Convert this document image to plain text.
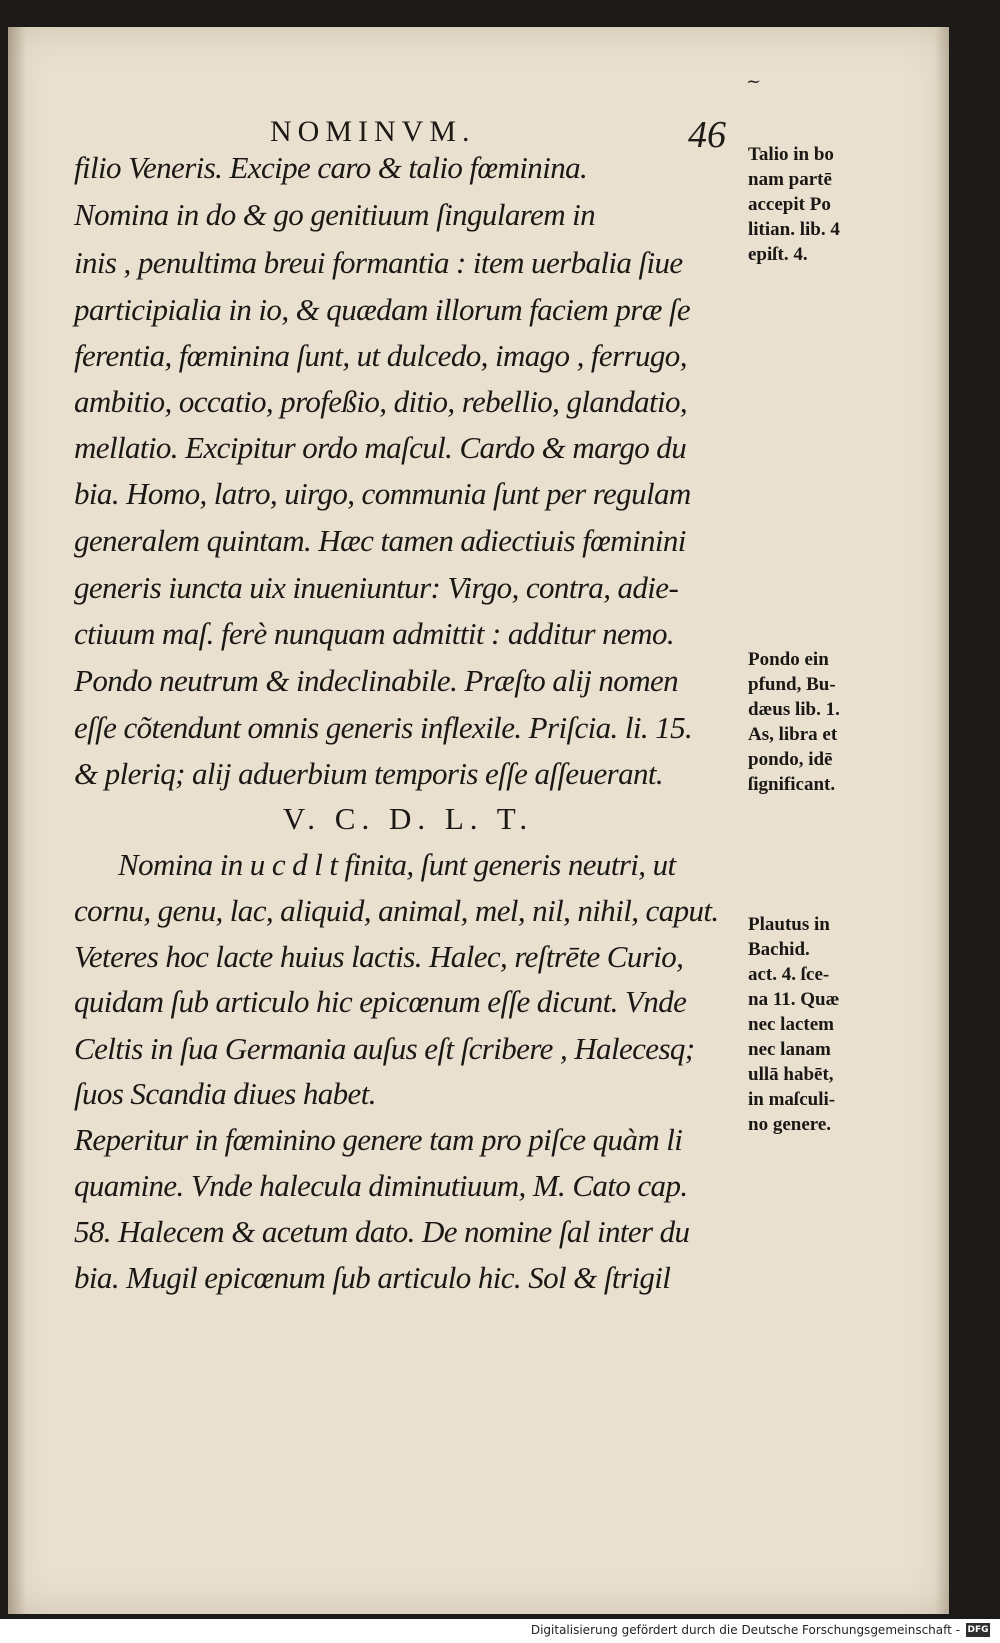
~
NOMINVM.	46
filio Veneris. Excipe caro & talio fœminina.
Nomina in do & go genitiuum ſingularem in
inis , penultima breui formantia : item uerbalia ſiue
participialia in io, & quædam illorum faciem præ ſe
ferentia, fœminina ſunt, ut dulcedo, imago , ferrugo,
ambitio, occatio, profeßio, ditio, rebellio, glandatio,
mellatio. Excipitur ordo maſcul. Cardo & margo du
bia. Homo, latro, uirgo, communia ſunt per regulam
generalem quintam. Hæc tamen adiectiuis fœminini
generis iuncta uix inueniuntur: Virgo, contra, adie-
ctiuum maſ. ferè nunquam admittit : additur nemo.
Pondo neutrum & indeclinabile. Præſto alij nomen
eſſe cõtendunt omnis generis inflexile. Priſcia. li. 15.
& pleriq; alij aduerbium temporis eſſe aſſeuerant.
V. C. D. L. T.
Nomina in u c d l t finita, ſunt generis neutri, ut
cornu, genu, lac, aliquid, animal, mel, nil, nihil, caput.
Veteres hoc lacte huius lactis. Halec, reſtrēte Curio,
quidam ſub articulo hic epicœnum eſſe dicunt. Vnde
Celtis in ſua Germania auſus eſt ſcribere , Halecesq;
ſuos Scandia diues habet.
Reperitur in fœminino genere tam pro piſce quàm li
quamine. Vnde halecula diminutiuum, M. Cato cap.
58. Halecem & acetum dato. De nomine ſal inter du
bia. Mugil epicœnum ſub articulo hic. Sol & ſtrigil
Talio in bo
nam partē
accepit Po
litian. lib. 4
epiſt. 4.
Pondo ein
pfund, Bu-
dæus lib. 1.
As, libra et
pondo, idē
ſignificant.
Plautus in
Bachid.
act. 4. ſce-
na 11. Quæ
nec lactem
nec lanam
ullā habēt,
in maſculi-
no genere.
Digitalisierung gefördert durch die Deutsche Forschungsgemeinschaft - DFG
